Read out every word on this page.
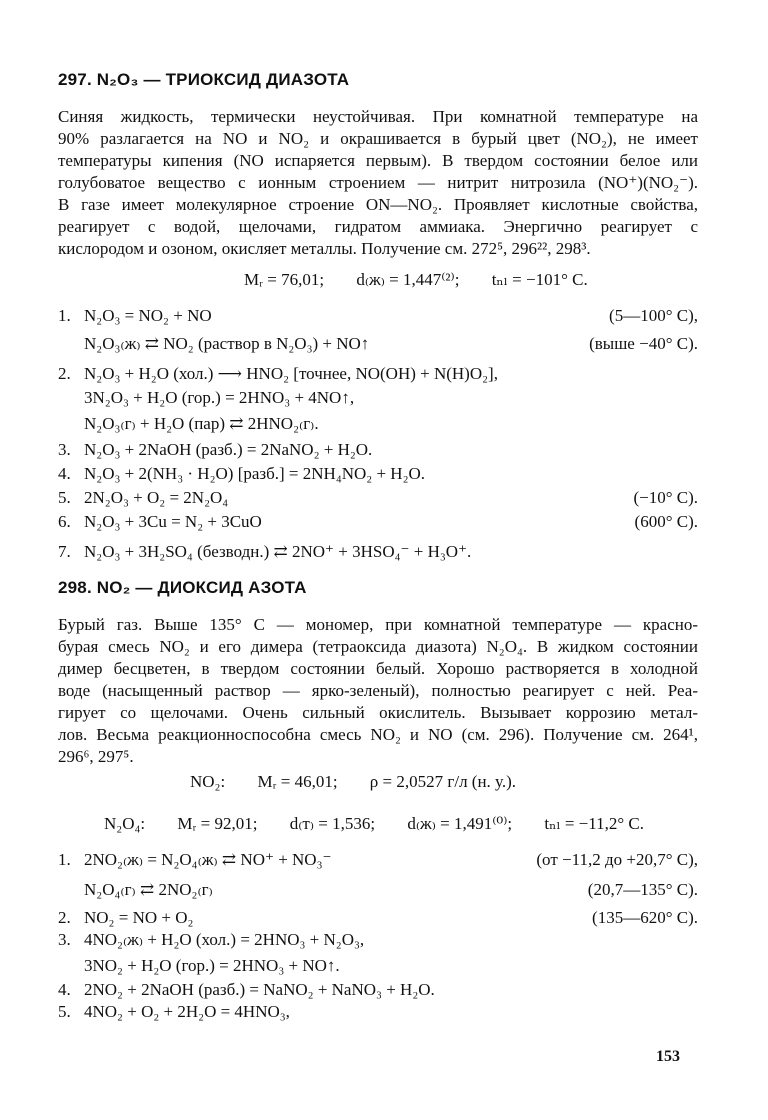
297. N₂O₃ — ТРИОКСИД ДИАЗОТА
Синяя жидкость, термически неустойчивая. При комнатной температуре на
90% разлагается на NO и NO₂ и окрашивается в бурый цвет (NO₂), не имеет
температуры кипения (NO испаряется первым). В твердом состоянии белое или
голубоватое вещество с ионным строением — нитрит нитрозила (NO⁺)(NO₂⁻).
В газе имеет молекулярное строение ON—NO₂. Проявляет кислотные свойства,
реагирует с водой, щелочами, гидратом аммиака. Энергично реагирует с
кислородом и озоном, окисляет металлы. Получение см. 272⁵, 296²², 298³.
Mᵣ = 76,01; d₍ж₎ = 1,447⁽²⁾; tₙₗ = −101° C.
1. N₂O₃ = NO₂ + NO	(5—100° C),
N₂O₃₍ж₎ ⇄ NO₂ (раствор в N₂O₃) + NO↑	(выше −40° C).
2. N₂O₃ + H₂O (хол.) ⟶ HNO₂ [точнее, NO(OH) + N(H)O₂],
3N₂O₃ + H₂O (гор.) = 2HNO₃ + 4NO↑,
N₂O₃₍г₎ + H₂O (пар) ⇄ 2HNO₂₍г₎.
3. N₂O₃ + 2NaOH (разб.) = 2NaNO₂ + H₂O.
4. N₂O₃ + 2(NH₃ · H₂O) [разб.] = 2NH₄NO₂ + H₂O.
5. 2N₂O₃ + O₂ = 2N₂O₄	(−10° C).
6. N₂O₃ + 3Cu = N₂ + 3CuO	(600° C).
7. N₂O₃ + 3H₂SO₄ (безводн.) ⇄ 2NO⁺ + 3HSO₄⁻ + H₃O⁺.
298. NO₂ — ДИОКСИД АЗОТА
Бурый газ. Выше 135° C — мономер, при комнатной температуре — красно-
бурая смесь NO₂ и его димера (тетраоксида диазота) N₂O₄. В жидком состоянии
димер бесцветен, в твердом состоянии белый. Хорошо растворяется в холодной
воде (насыщенный раствор — ярко-зеленый), полностью реагирует с ней. Реа-
гирует со щелочами. Очень сильный окислитель. Вызывает коррозию метал-
лов. Весьма реакционноспособна смесь NO₂ и NO (см. 296). Получение см. 264¹,
296⁶, 297⁵.
NO₂: Mᵣ = 46,01; ρ = 2,0527 г/л (н. у.).
N₂O₄: Mᵣ = 92,01; d₍т₎ = 1,536; d₍ж₎ = 1,491⁽⁰⁾; tₙₗ = −11,2° C.
1. 2NO₂₍ж₎ = N₂O₄₍ж₎ ⇄ NO⁺ + NO₃⁻	(от −11,2 до +20,7° C),
N₂O₄₍г₎ ⇄ 2NO₂₍г₎	(20,7—135° C).
2. NO₂ = NO + O₂	(135—620° C).
3. 4NO₂₍ж₎ + H₂O (хол.) = 2HNO₃ + N₂O₃,
3NO₂ + H₂O (гор.) = 2HNO₃ + NO↑.
4. 2NO₂ + 2NaOH (разб.) = NaNO₂ + NaNO₃ + H₂O.
5. 4NO₂ + O₂ + 2H₂O = 4HNO₃,
153
